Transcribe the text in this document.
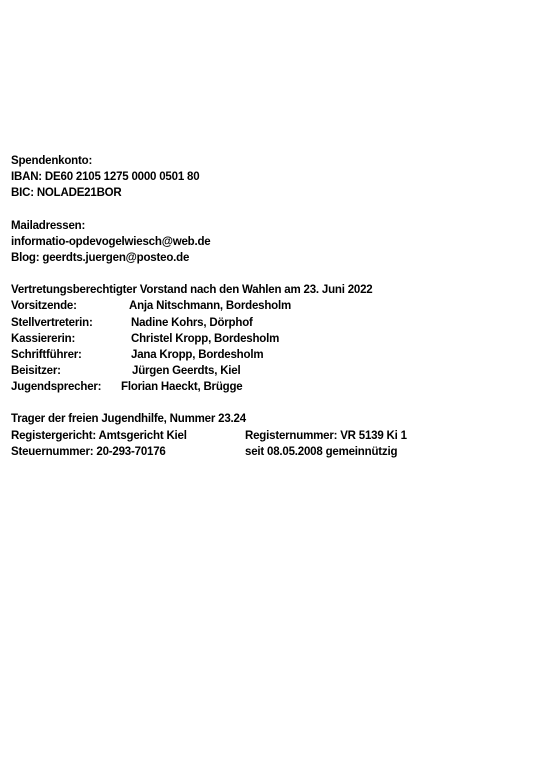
Spendenkonto:
IBAN: DE60 2105 1275 0000 0501 80
BIC: NOLADE21BOR
Mailadressen:
informatio-opdevogelwiesch@web.de
Blog: geerdts.juergen@posteo.de
Vertretungsberechtigter Vorstand nach den Wahlen am 23. Juni 2022
Vorsitzende:	Anja Nitschmann, Bordesholm
Stellvertreterin:	Nadine Kohrs, Dörphof
Kassiererin:	Christel Kropp, Bordesholm
Schriftführer:	Jana Kropp, Bordesholm
Beisitzer:	Jürgen Geerdts, Kiel
Jugendsprecher: Florian Haeckt, Brügge
Trager der freien Jugendhilfe, Nummer 23.24
Registergericht: Amtsgericht Kiel	Registernummer: VR 5139 Ki 1
Steuernummer: 20-293-70176	seit 08.05.2008 gemeinnützig
